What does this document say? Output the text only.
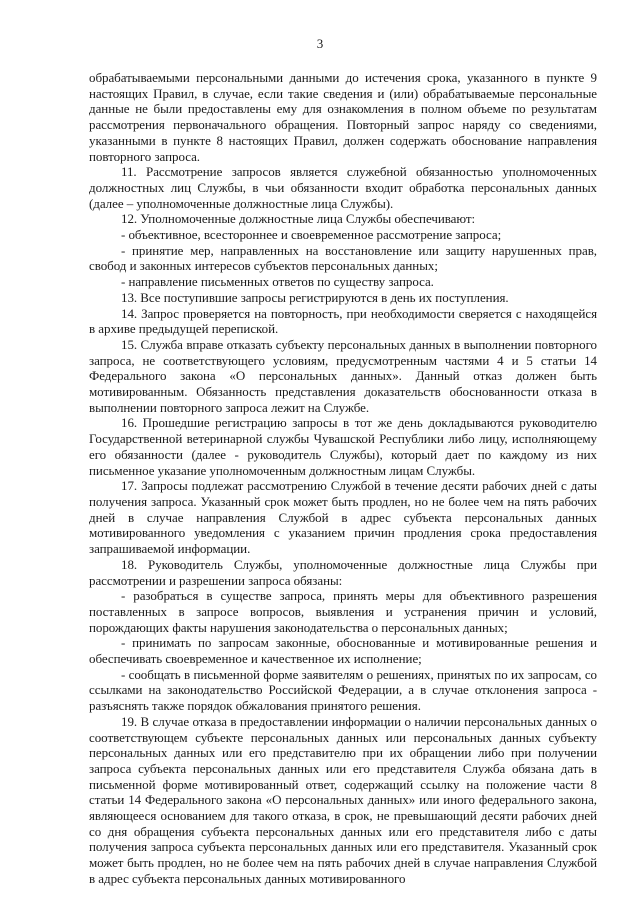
3

обрабатываемыми персональными данными до истечения срока, указанного в пункте 9 настоящих Правил, в случае, если такие сведения и (или) обрабатываемые персональные данные не были предоставлены ему для ознакомления в полном объеме по результатам рассмотрения первоначального обращения. Повторный запрос наряду со сведениями, указанными в пункте 8 настоящих Правил, должен содержать обоснование направления повторного запроса.

11. Рассмотрение запросов является служебной обязанностью уполномоченных должностных лиц Службы, в чьи обязанности входит обработка персональных данных (далее – уполномоченные должностные лица Службы).

12. Уполномоченные должностные лица Службы обеспечивают:

- объективное, всестороннее и своевременное рассмотрение запроса;

- принятие мер, направленных на восстановление или защиту нарушенных прав, свобод и законных интересов субъектов персональных данных;

- направление письменных ответов по существу запроса.

13. Все поступившие запросы регистрируются в день их поступления.

14. Запрос проверяется на повторность, при необходимости сверяется с находящейся в архиве предыдущей перепиской.

15. Служба вправе отказать субъекту персональных данных в выполнении повторного запроса, не соответствующего условиям, предусмотренным частями 4 и 5 статьи 14 Федерального закона «О персональных данных». Данный отказ должен быть мотивированным. Обязанность представления доказательств обоснованности отказа в выполнении повторного запроса лежит на Службе.

16. Прошедшие регистрацию запросы в тот же день докладываются руководителю Государственной ветеринарной службы Чувашской Республики либо лицу, исполняющему его обязанности (далее - руководитель Службы), который дает по каждому из них письменное указание уполномоченным должностным лицам Службы.

17. Запросы подлежат рассмотрению Службой в течение десяти рабочих дней с даты получения запроса. Указанный срок может быть продлен, но не более чем на пять рабочих дней в случае направления Службой в адрес субъекта персональных данных мотивированного уведомления с указанием причин продления срока предоставления запрашиваемой информации.

18. Руководитель Службы, уполномоченные должностные лица Службы при рассмотрении и разрешении запроса обязаны:

- разобраться в существе запроса, принять меры для объективного разрешения поставленных в запросе вопросов, выявления и устранения причин и условий, порождающих факты нарушения законодательства о персональных данных;

- принимать по запросам законные, обоснованные и мотивированные решения и обеспечивать своевременное и качественное их исполнение;

- сообщать в письменной форме заявителям о решениях, принятых по их запросам, со ссылками на законодательство Российской Федерации, а в случае отклонения запроса - разъяснять также порядок обжалования принятого решения.

19. В случае отказа в предоставлении информации о наличии персональных данных о соответствующем субъекте персональных данных или персональных данных субъекту персональных данных или его представителю при их обращении либо при получении запроса субъекта персональных данных или его представителя Служба обязана дать в письменной форме мотивированный ответ, содержащий ссылку на положение части 8 статьи 14 Федерального закона «О персональных данных» или иного федерального закона, являющееся основанием для такого отказа, в срок, не превышающий десяти рабочих дней со дня обращения субъекта персональных данных или его представителя либо с даты получения запроса субъекта персональных данных или его представителя. Указанный срок может быть продлен, но не более чем на пять рабочих дней в случае направления Службой в адрес субъекта персональных данных мотивированного
